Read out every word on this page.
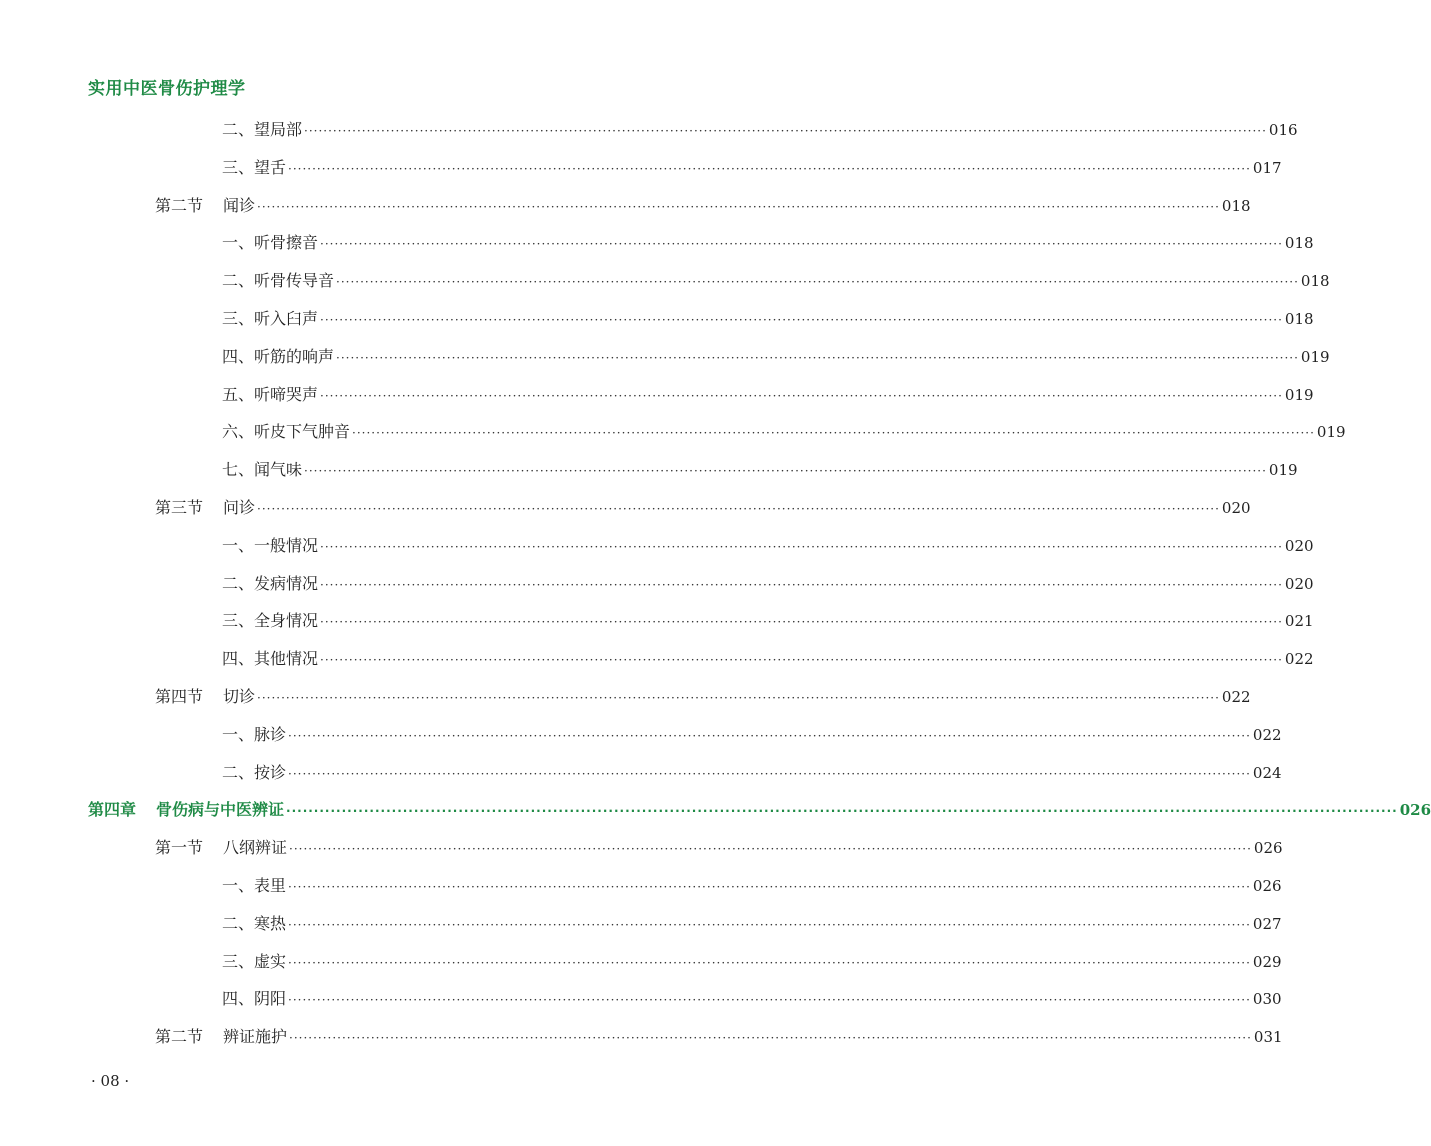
实用中医骨伤护理学
二、望局部 ········································································································································································································ 016
三、望舌 ········································································································································································································ 017
第二节	闻诊 ········································································································································································································ 018
一、听骨擦音 ········································································································································································································ 018
二、听骨传导音 ········································································································································································································ 018
三、听入臼声 ········································································································································································································ 018
四、听筋的响声 ········································································································································································································ 019
五、听啼哭声 ········································································································································································································ 019
六、听皮下气肿音 ········································································································································································································ 019
七、闻气味 ········································································································································································································ 019
第三节	问诊 ········································································································································································································ 020
一、一般情况 ········································································································································································································ 020
二、发病情况 ········································································································································································································ 020
三、全身情况 ········································································································································································································ 021
四、其他情况 ········································································································································································································ 022
第四节	切诊 ········································································································································································································ 022
一、脉诊 ········································································································································································································ 022
二、按诊 ········································································································································································································ 024
第四章	骨伤病与中医辨证 ········································································································································································································ 026
第一节	八纲辨证 ········································································································································································································ 026
一、表里 ········································································································································································································ 026
二、寒热 ········································································································································································································ 027
三、虚实 ········································································································································································································ 029
四、阴阳 ········································································································································································································ 030
第二节	辨证施护 ········································································································································································································ 031
· 08 ·
